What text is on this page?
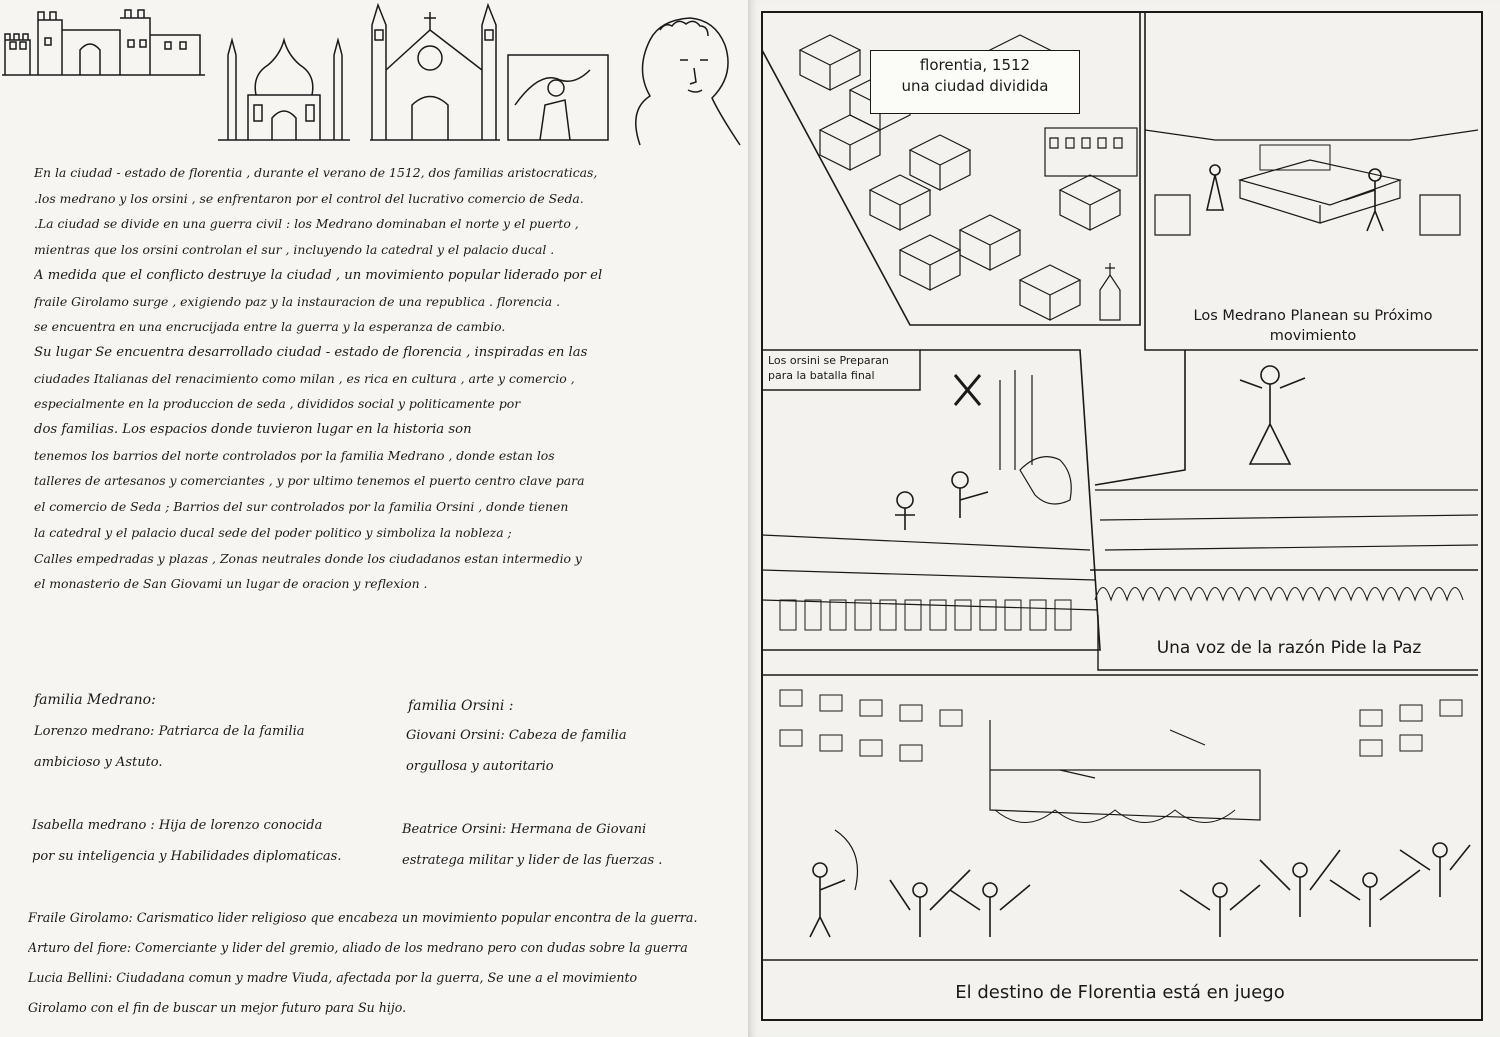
En la ciudad - estado de florentia , durante el verano de 1512, dos familias aristocraticas,

.los medrano y los orsini , se enfrentaron por el control del lucrativo comercio de Seda.

.La ciudad se divide en una guerra civil : los Medrano dominaban el norte y el puerto ,

mientras que los orsini controlan el sur , incluyendo la catedral y el palacio ducal .

A medida que el conflicto destruye la ciudad , un movimiento popular liderado por el

fraile Girolamo surge , exigiendo paz y la instauracion de una republica . florencia .

se encuentra en una encrucijada entre la guerra y la esperanza de cambio.

Su lugar Se encuentra desarrollado ciudad - estado de florencia , inspiradas en las

ciudades Italianas del renacimiento como milan , es rica en cultura , arte y comercio ,

especialmente en la produccion de seda , divididos social y politicamente por

dos familias. Los espacios donde tuvieron lugar en la historia son

tenemos los barrios del norte controlados por la familia Medrano , donde estan los

talleres de artesanos y comerciantes , y por ultimo tenemos el puerto centro clave para

el comercio de Seda ; Barrios del sur controlados por la familia Orsini , donde tienen

la catedral y el palacio ducal sede del poder politico y simboliza la nobleza ;

Calles empedradas y plazas , Zonas neutrales donde los ciudadanos estan intermedio y

el monasterio de San Giovami un lugar de oracion y reflexion .

familia Medrano:	familia Orsini :
Lorenzo medrano: Patriarca de la familia
ambicioso y Astuto.
Giovani Orsini: Cabeza de familia
orgullosa y autoritario
Isabella medrano : Hija de lorenzo conocida
por su inteligencia y Habilidades diplomaticas.
Beatrice Orsini: Hermana de Giovani
estratega militar y lider de las fuerzas .

Fraile Girolamo: Carismatico lider religioso que encabeza un movimiento popular encontra de la guerra.

Arturo del fiore: Comerciante y lider del gremio, aliado de los medrano pero con dudas sobre la guerra

Lucia Bellini: Ciudadana comun y madre Viuda, afectada por la guerra, Se une a el movimiento

Girolamo con el fin de buscar un mejor futuro para Su hijo.

florentia, 1512
una ciudad dividida
Los Medrano Planean su Próximo
movimiento
Los orsini se Preparan
para la batalla final
Una voz de la razón Pide la Paz
El destino de Florentia está en juego
